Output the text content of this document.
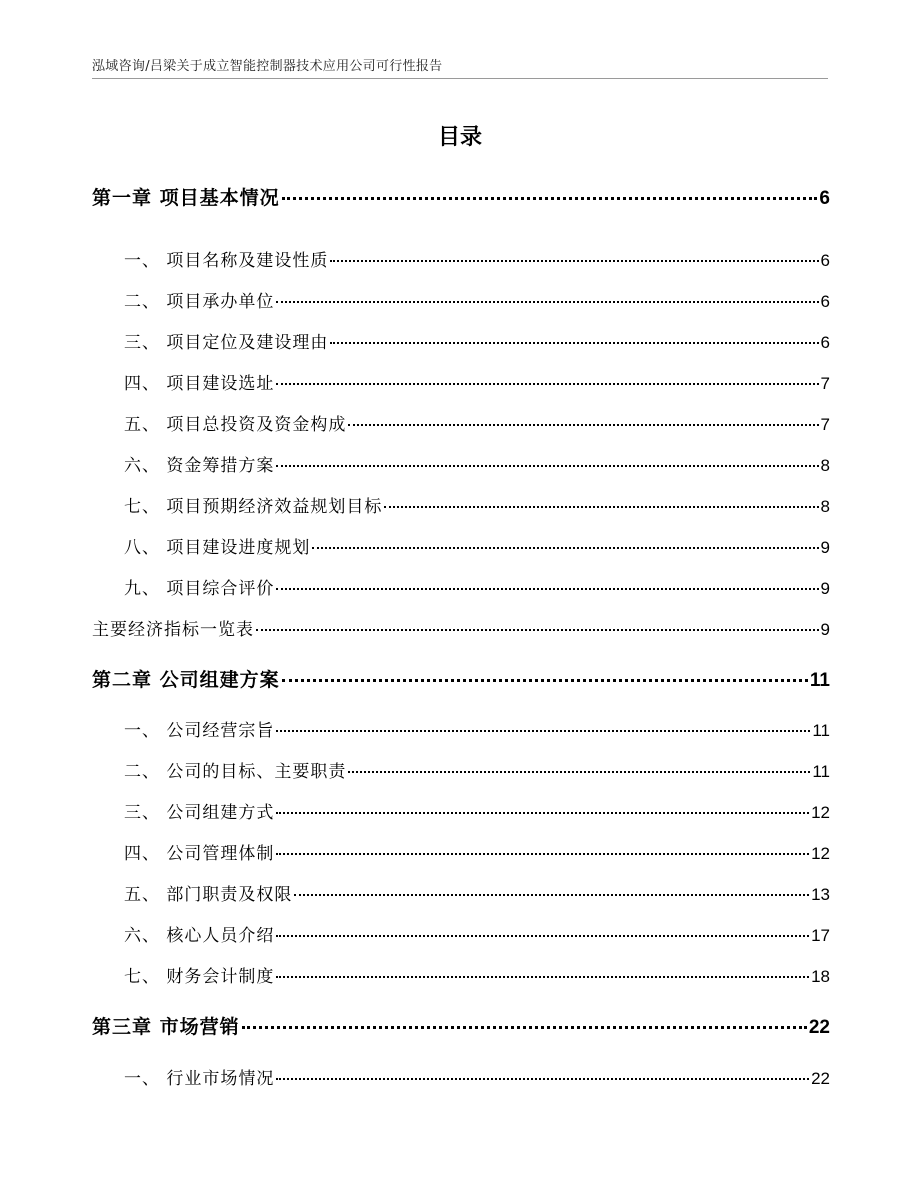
泓域咨询/吕梁关于成立智能控制器技术应用公司可行性报告
目录
第一章 项目基本情况	6
一、 项目名称及建设性质	6
二、 项目承办单位	6
三、 项目定位及建设理由	6
四、 项目建设选址	7
五、 项目总投资及资金构成	7
六、 资金筹措方案	8
七、 项目预期经济效益规划目标	8
八、 项目建设进度规划	9
九、 项目综合评价	9
主要经济指标一览表	9
第二章 公司组建方案	11
一、 公司经营宗旨	11
二、 公司的目标、主要职责	11
三、 公司组建方式	12
四、 公司管理体制	12
五、 部门职责及权限	13
六、 核心人员介绍	17
七、 财务会计制度	18
第三章 市场营销	22
一、 行业市场情况	22
